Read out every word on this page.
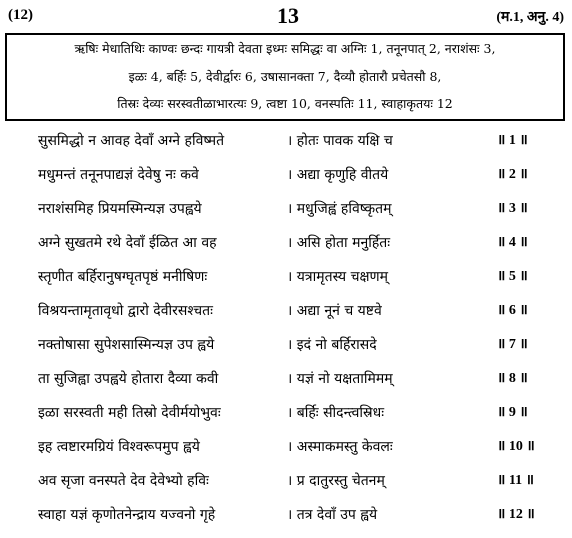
(12)	13	(म.1, अनु. 4)
ऋषिः मेधातिथिः काण्वः छन्दः गायत्री देवता इध्मः समिद्धः वा अग्निः 1, तनूनपात् 2, नराशंसः 3,
इळः 4, बर्हिः 5, देवीर्द्वारः 6, उषासानक्ता 7, दैव्यौ होतारौ प्रचेतसौ 8,
तिस्रः देव्यः सरस्वतीळाभारत्यः 9, त्वष्टा 10, वनस्पतिः 11, स्वाहाकृतयः 12
सुसमिद्धो न आवह देवाँ अग्ने हविष्मते	। होतः पावक यक्षि च	॥ 1 ॥
मधुमन्तं तनूनपाद्यज्ञं देवेषु नः कवे	। अद्या कृणुहि वीतये	॥ 2 ॥
नराशंसमिह प्रियमस्मिन्यज्ञ उपह्वये	। मधुजिह्वं हविष्कृतम्	॥ 3 ॥
अग्ने सुखतमे रथे देवाँ ईळित आ वह	। असि होता मनुर्हितः	॥ 4 ॥
स्तृणीत बर्हिरानुषग्घृतपृष्ठं मनीषिणः	। यत्रामृतस्य चक्षणम्	॥ 5 ॥
विश्रयन्तामृतावृधो द्वारो देवीरसश्चतः	। अद्या नूनं च यष्टवे	॥ 6 ॥
नक्तोषासा सुपेशसास्मिन्यज्ञ उप ह्वये	। इदं नो बर्हिरासदे	॥ 7 ॥
ता सुजिह्वा उपह्वये होतारा दैव्या कवी	। यज्ञं नो यक्षतामिमम्	॥ 8 ॥
इळा सरस्वती मही तिस्रो देवीर्मयोभुवः	। बर्हिः सीदन्त्वस्रिधः	॥ 9 ॥
इह त्वष्टारमग्रियं विश्वरूपमुप ह्वये	। अस्माकमस्तु केवलः	॥ 10 ॥
अव सृजा वनस्पते देव देवेभ्यो हविः	। प्र दातुरस्तु चेतनम्	॥ 11 ॥
स्वाहा यज्ञं कृणोतनेन्द्राय यज्वनो गृहे	। तत्र देवाँ उप ह्वये	॥ 12 ॥
